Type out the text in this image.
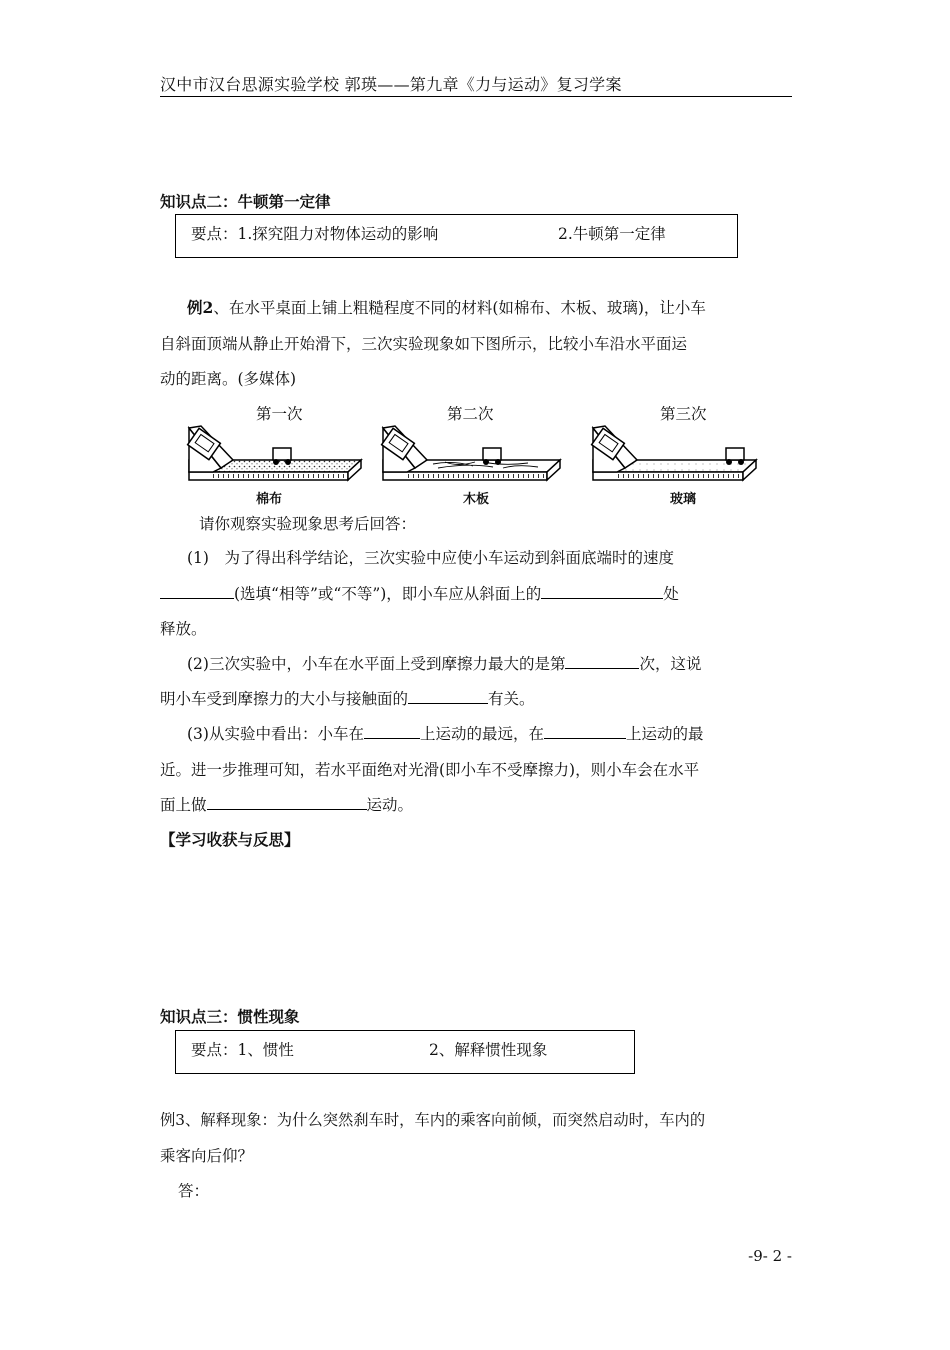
汉中市汉台思源实验学校 郭瑛——第九章《力与运动》复习学案
知识点二：牛顿第一定律
要点：1.探究阻力对物体运动的影响	2.牛顿第一定律
例2、在水平桌面上铺上粗糙程度不同的材料(如棉布、木板、玻璃)，让小车
自斜面顶端从静止开始滑下，三次实验现象如下图所示，比较小车沿水平面运
动的距离。(多媒体)
第一次	第二次	第三次
棉布	木板	玻璃
请你观察实验现象思考后回答：
(1)　为了得出科学结论，三次实验中应使小车运动到斜面底端时的速度
(选填“相等”或“不等”)，即小车应从斜面上的	处
释放。
(2)三次实验中，小车在水平面上受到摩擦力最大的是第	次，这说
明小车受到摩擦力的大小与接触面的	有关。
(3)从实验中看出：小车在	上运动的最远，在	上运动的最
近。进一步推理可知，若水平面绝对光滑(即小车不受摩擦力)，则小车会在水平
面上做	运动。
【学习收获与反思】
知识点三：惯性现象
要点：1、惯性	2、解释惯性现象
例3、解释现象：为什么突然刹车时，车内的乘客向前倾，而突然启动时，车内的
乘客向后仰？
答：
-9- 2 -
